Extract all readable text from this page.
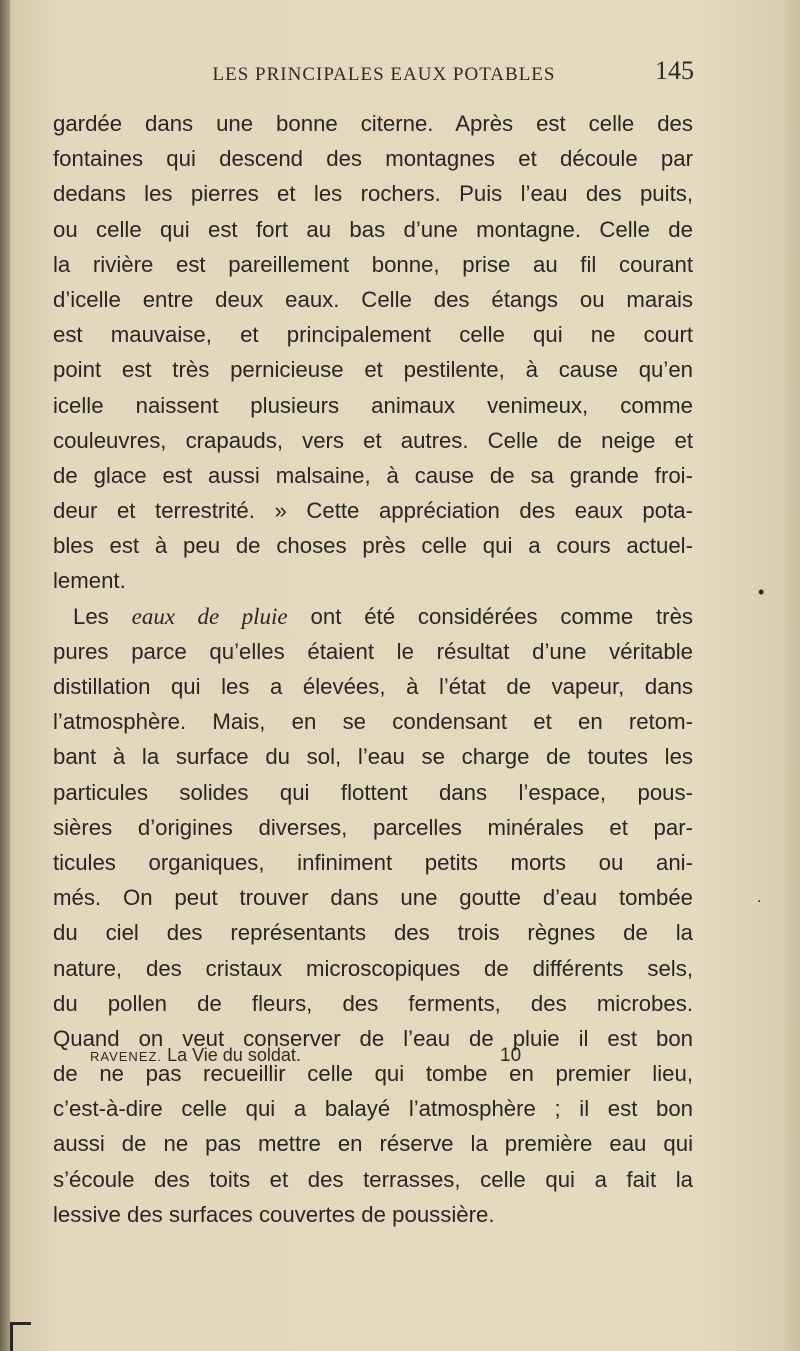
LES PRINCIPALES EAUX POTABLES	145
gardée dans une bonne citerne. Après est celle des
fontaines qui descend des montagnes et découle par
dedans les pierres et les rochers. Puis l’eau des puits,
ou celle qui est fort au bas d’une montagne. Celle de
la rivière est pareillement bonne, prise au fil courant
d’icelle entre deux eaux. Celle des étangs ou marais
est mauvaise, et principalement celle qui ne court
point est très pernicieuse et pestilente, à cause qu’en
icelle naissent plusieurs animaux venimeux, comme
couleuvres, crapauds, vers et autres. Celle de neige et
de glace est aussi malsaine, à cause de sa grande froi-
deur et terrestrité. » Cette appréciation des eaux pota-
bles est à peu de choses près celle qui a cours actuel-
lement.
Les eaux de pluie ont été considérées comme très
pures parce qu’elles étaient le résultat d’une véritable
distillation qui les a élevées, à l’état de vapeur, dans
l’atmosphère. Mais, en se condensant et en retom-
bant à la surface du sol, l’eau se charge de toutes les
particules solides qui flottent dans l’espace, pous-
sières d’origines diverses, parcelles minérales et par-
ticules organiques, infiniment petits morts ou ani-
més. On peut trouver dans une goutte d’eau tombée
du ciel des représentants des trois règnes de la
nature, des cristaux microscopiques de différents sels,
du pollen de fleurs, des ferments, des microbes.
Quand on veut conserver de l’eau de pluie il est bon
de ne pas recueillir celle qui tombe en premier lieu,
c’est-à-dire celle qui a balayé l’atmosphère ; il est bon
aussi de ne pas mettre en réserve la première eau qui
s’écoule des toits et des terrasses, celle qui a fait la
lessive des surfaces couvertes de poussière.
RAVENEZ. La Vie du soldat.	10
•
.
